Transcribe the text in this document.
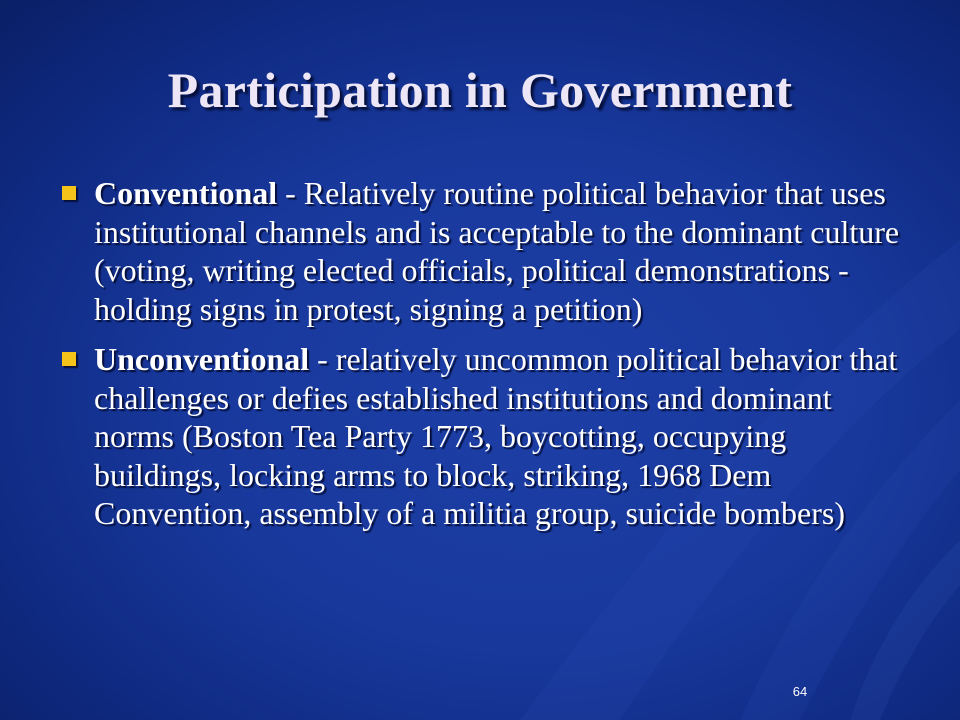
Participation in Government
Conventional - Relatively routine political behavior that uses institutional channels and is acceptable to the dominant culture (voting, writing elected officials, political demonstrations - holding signs in protest, signing a petition)
Unconventional - relatively uncommon political behavior that challenges or defies established institutions and dominant norms (Boston Tea Party 1773, boycotting, occupying buildings, locking arms to block, striking, 1968 Dem Convention, assembly of a militia group, suicide bombers)
64
